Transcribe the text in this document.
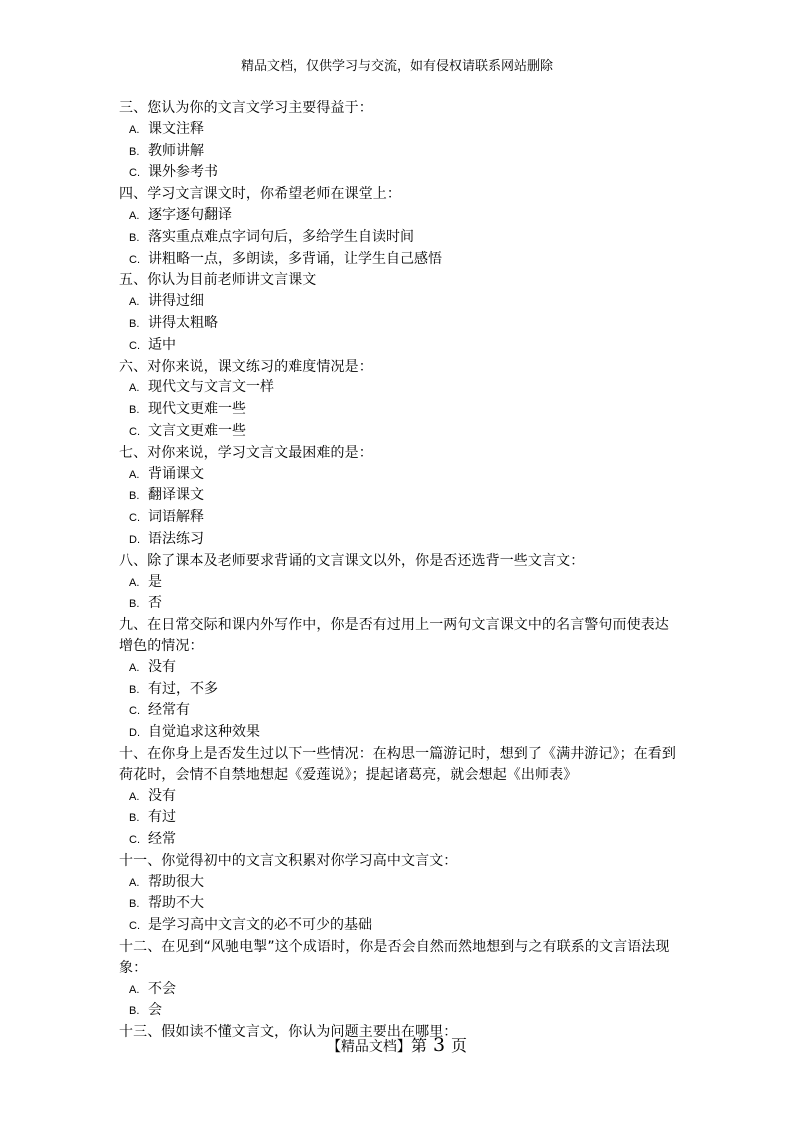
精品文档，仅供学习与交流，如有侵权请联系网站删除

三、您认为你的文言文学习主要得益于：

A. 课文注释

B. 教师讲解

C. 课外参考书

四、学习文言课文时，你希望老师在课堂上：

A. 逐字逐句翻译

B. 落实重点难点字词句后，多给学生自读时间

C. 讲粗略一点，多朗读，多背诵，让学生自己感悟

五、你认为目前老师讲文言课文

A. 讲得过细

B. 讲得太粗略

C. 适中

六、对你来说，课文练习的难度情况是：

A. 现代文与文言文一样

B. 现代文更难一些

C. 文言文更难一些

七、对你来说，学习文言文最困难的是：

A. 背诵课文

B. 翻译课文

C. 词语解释

D. 语法练习

八、除了课本及老师要求背诵的文言课文以外，你是否还选背一些文言文：

A. 是

B. 否

九、在日常交际和课内外写作中，你是否有过用上一两句文言课文中的名言警句而使表达增色的情况：

A. 没有

B. 有过，不多

C. 经常有

D. 自觉追求这种效果

十、在你身上是否发生过以下一些情况：在构思一篇游记时，想到了《满井游记》；在看到荷花时，会情不自禁地想起《爱莲说》；提起诸葛亮，就会想起《出师表》

A. 没有

B. 有过

C. 经常

十一、你觉得初中的文言文积累对你学习高中文言文：

A. 帮助很大

B. 帮助不大

C. 是学习高中文言文的必不可少的基础

十二、在见到“风驰电掣”这个成语时，你是否会自然而然地想到与之有联系的文言语法现象：

A. 不会

B. 会

十三、假如读不懂文言文，你认为问题主要出在哪里：

【精品文档】第 3 页
